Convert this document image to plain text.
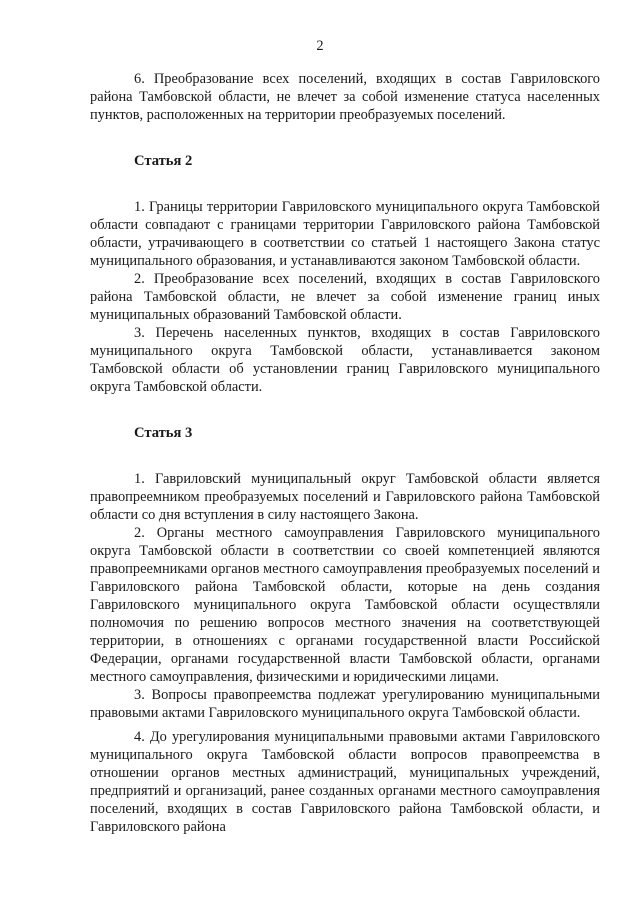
2

6. Преобразование всех поселений, входящих в состав Гавриловского района Тамбовской области, не влечет за собой изменение статуса населенных пунктов, расположенных на территории преобразуемых поселений.

Статья 2

1. Границы территории Гавриловского муниципального округа Тамбовской области совпадают с границами территории Гавриловского района Тамбовской области, утрачивающего в соответствии со статьей 1 настоящего Закона статус муниципального образования, и устанавливаются законом Тамбовской области.

2. Преобразование всех поселений, входящих в состав Гавриловского района Тамбовской области, не влечет за собой изменение границ иных муниципальных образований Тамбовской области.

3. Перечень населенных пунктов, входящих в состав Гавриловского муниципального округа Тамбовской области, устанавливается законом Тамбовской области об установлении границ Гавриловского муниципального округа Тамбовской области.

Статья 3

1. Гавриловский муниципальный округ Тамбовской области является правопреемником преобразуемых поселений и Гавриловского района Тамбовской области со дня вступления в силу настоящего Закона.

2. Органы местного самоуправления Гавриловского муниципального округа Тамбовской области в соответствии со своей компетенцией являются правопреемниками органов местного самоуправления преобразуемых поселений и Гавриловского района Тамбовской области, которые на день создания Гавриловского муниципального округа Тамбовской области осуществляли полномочия по решению вопросов местного значения на соответствующей территории, в отношениях с органами государственной власти Российской Федерации, органами государственной власти Тамбовской области, органами местного самоуправления, физическими и юридическими лицами.

3. Вопросы правопреемства подлежат урегулированию муниципальными правовыми актами Гавриловского муниципального округа Тамбовской области.

4. До урегулирования муниципальными правовыми актами Гавриловского муниципального округа Тамбовской области вопросов правопреемства в отношении органов местных администраций, муниципальных учреждений, предприятий и организаций, ранее созданных органами местного самоуправления поселений, входящих в состав Гавриловского района Тамбовской области, и Гавриловского района
